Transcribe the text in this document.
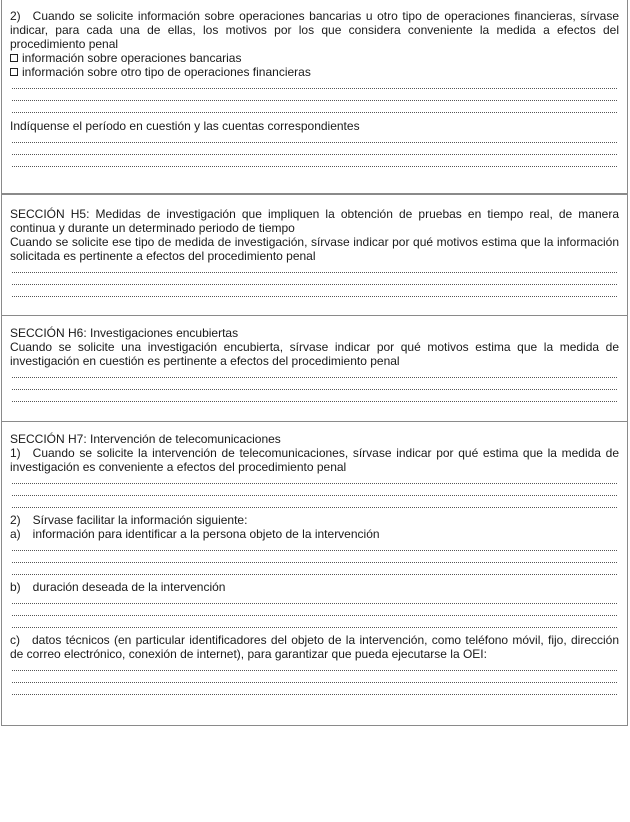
2) Cuando se solicite información sobre operaciones bancarias u otro tipo de operaciones financieras, sírvase indicar, para cada una de ellas, los motivos por los que considera conveniente la medida a efectos del procedimiento penal

información sobre operaciones bancarias
información sobre otro tipo de operaciones financieras

Indíquense el período en cuestión y las cuentas correspondientes

SECCIÓN H5: Medidas de investigación que impliquen la obtención de pruebas en tiempo real, de manera continua y durante un determinado periodo de tiempo

Cuando se solicite ese tipo de medida de investigación, sírvase indicar por qué motivos estima que la información solicitada es pertinente a efectos del procedimiento penal

SECCIÓN H6: Investigaciones encubiertas

Cuando se solicite una investigación encubierta, sírvase indicar por qué motivos estima que la medida de investigación en cuestión es pertinente a efectos del procedimiento penal

SECCIÓN H7: Intervención de telecomunicaciones

1) Cuando se solicite la intervención de telecomunicaciones, sírvase indicar por qué estima que la medida de investigación es conveniente a efectos del procedimiento penal

2) Sírvase facilitar la información siguiente:

a) información para identificar a la persona objeto de la intervención

b) duración deseada de la intervención

c) datos técnicos (en particular identificadores del objeto de la intervención, como teléfono móvil, fijo, dirección de correo electrónico, conexión de internet), para garantizar que pueda ejecutarse la OEI:
